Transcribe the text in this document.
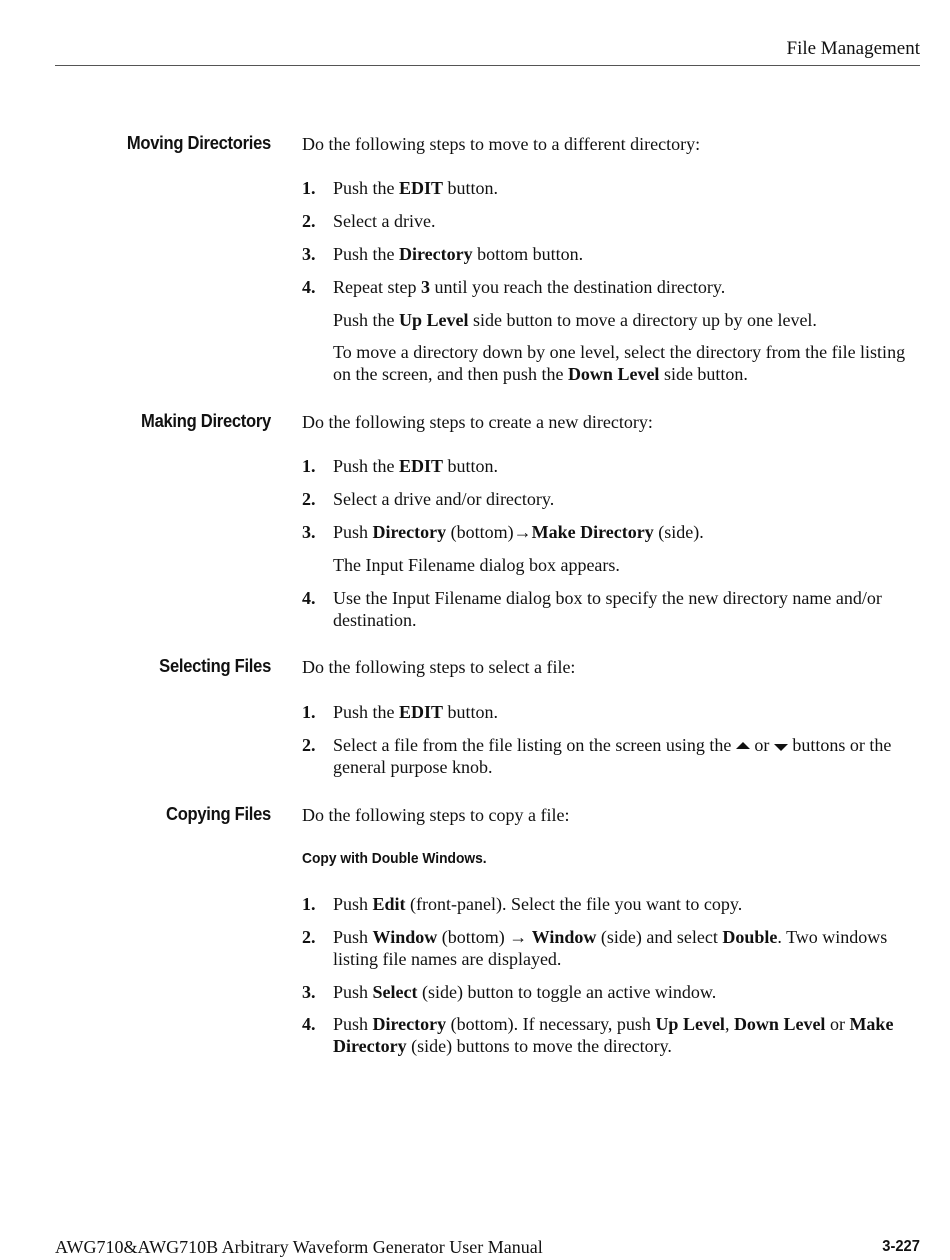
File Management
Moving Directories Do the following steps to move to a different directory:
1. Push the EDIT button.
2. Select a drive.
3. Push the Directory bottom button.
4. Repeat step 3 until you reach the destination directory.
Push the Up Level side button to move a directory up by one level.
To move a directory down by one level, select the directory from the file listing on the screen, and then push the Down Level side button.
Making Directory Do the following steps to create a new directory:
1. Push the EDIT button.
2. Select a drive and/or directory.
3. Push Directory (bottom)→Make Directory (side).
The Input Filename dialog box appears.
4. Use the Input Filename dialog box to specify the new directory name and/or destination.
Selecting Files Do the following steps to select a file:
1. Push the EDIT button.
2. Select a file from the file listing on the screen using the  or  buttons or the general purpose knob.
Copying Files Do the following steps to copy a file:
Copy with Double Windows.
1. Push Edit (front-panel). Select the file you want to copy.
2. Push Window (bottom) → Window (side) and select Double. Two windows listing file names are displayed.
3. Push Select (side) button to toggle an active window.
4. Push Directory (bottom). If necessary, push Up Level, Down Level or Make Directory (side) buttons to move the directory.
AWG710&AWG710B Arbitrary Waveform Generator User Manual	3-227
